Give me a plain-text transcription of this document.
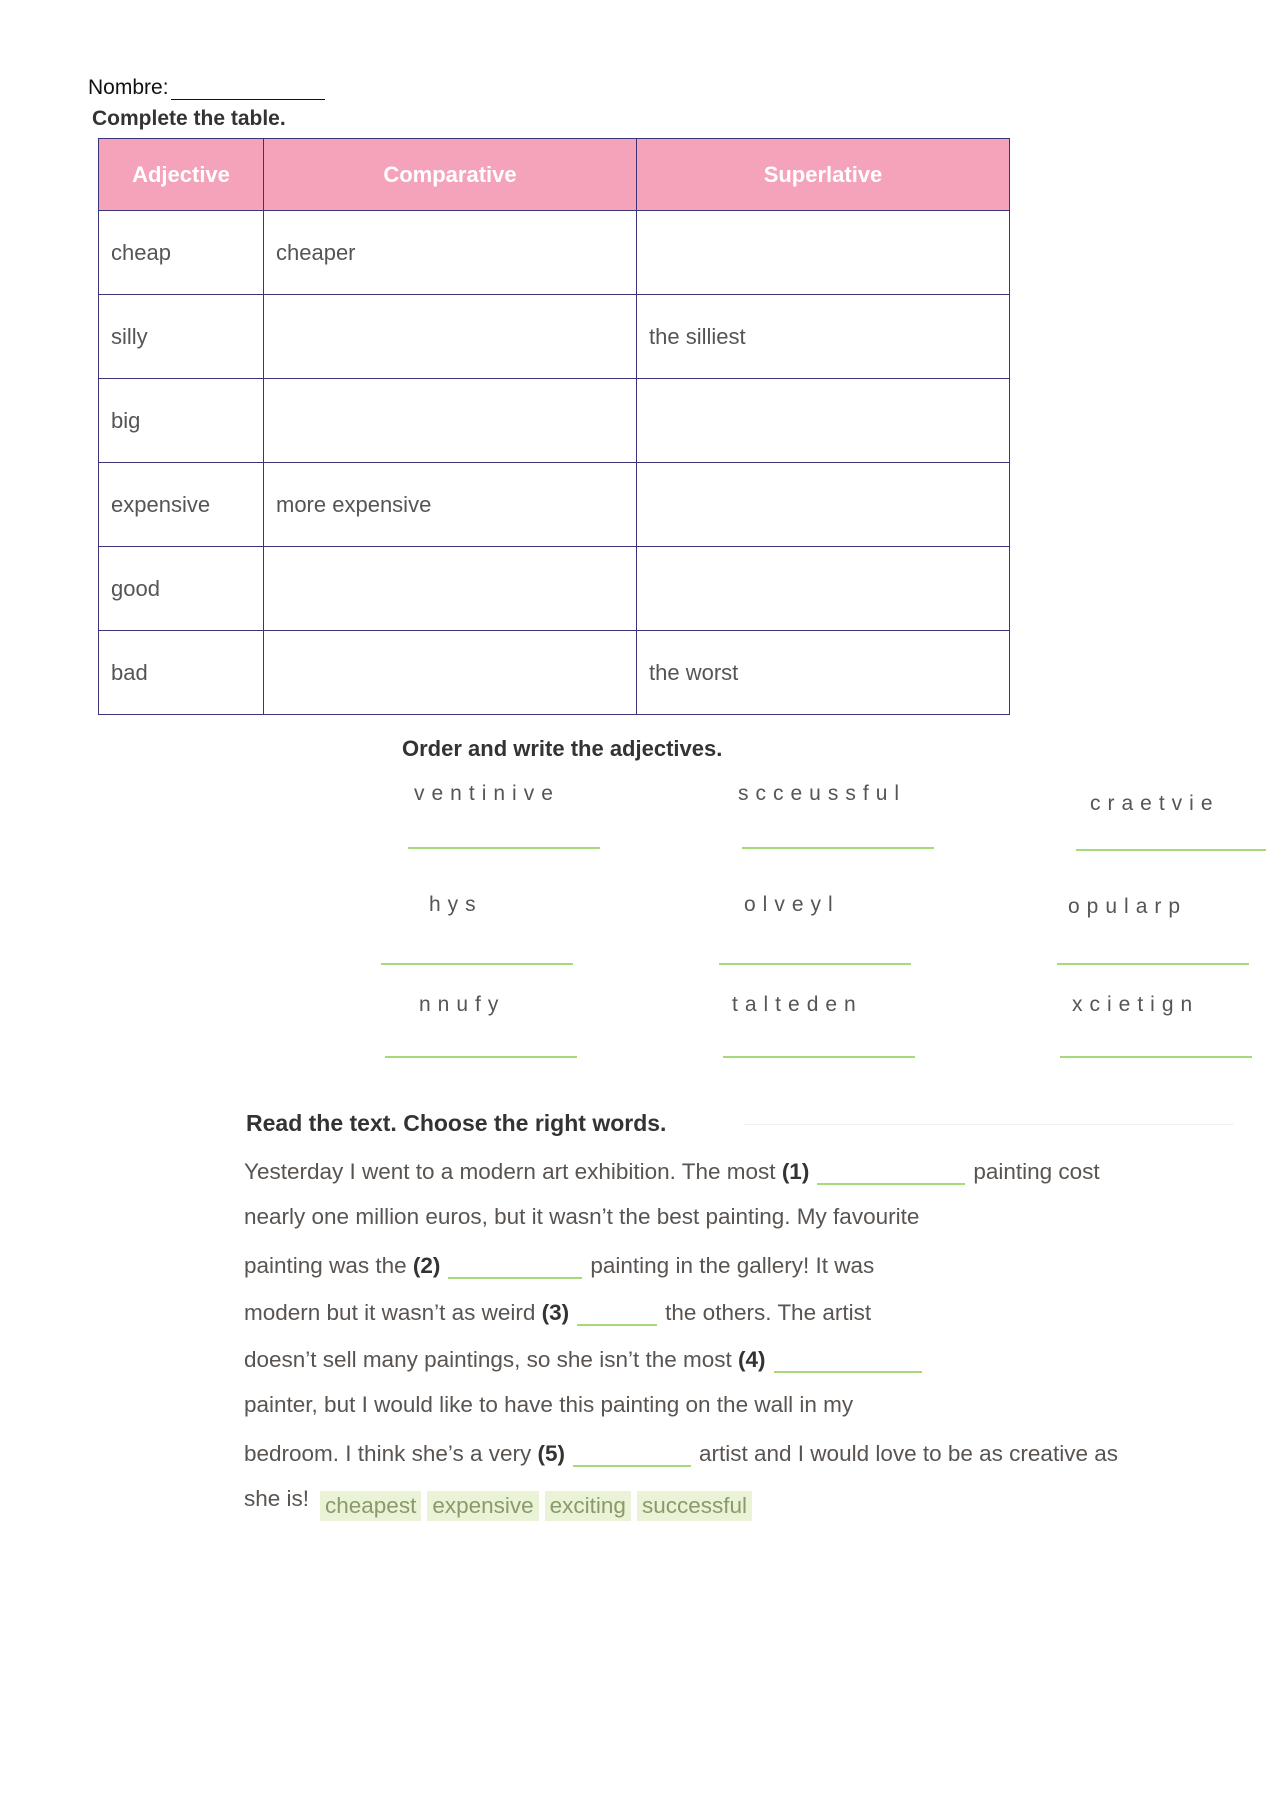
Nombre:
Complete the table.
Adjective	Comparative	Superlative
cheap	cheaper	
silly		the silliest
big		
expensive	more expensive	
good		
bad		the worst
Order and write the adjectives.
ventinive	scceussful	craetvie
hys	olveyl	opularp
nnufy	talteden	xcietign
Read the text. Choose the right words.
Yesterday I went to a modern art exhibition. The most (1)	painting cost
nearly one million euros, but it wasn’t the best painting. My favourite
painting was the (2)	painting in the gallery! It was
modern but it wasn’t as weird (3)	the others. The artist
doesn’t sell many paintings, so she isn’t the most (4)
painter, but I would like to have this painting on the wall in my
bedroom. I think she’s a very (5)	artist and I would love to be as creative as
she is! cheapest expensive exciting successful
